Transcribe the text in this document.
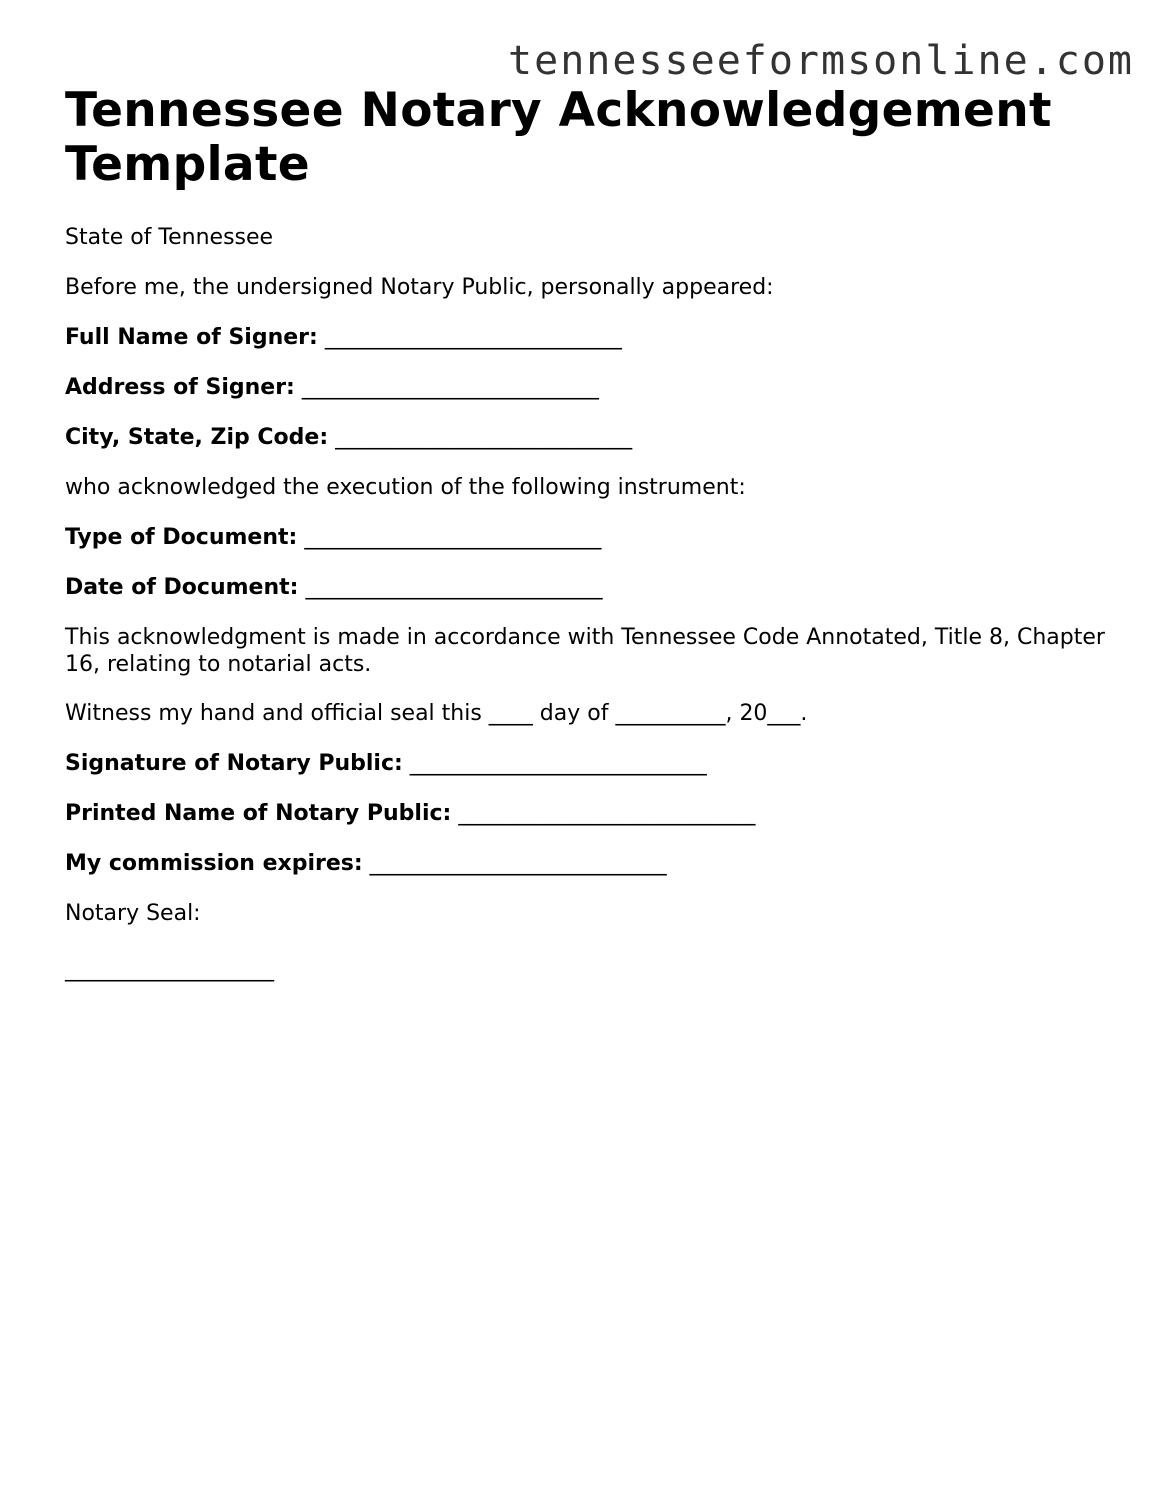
tennesseeformsonline.com
Tennessee Notary Acknowledgement Template

State of Tennessee

Before me, the undersigned Notary Public, personally appeared:

Full Name of Signer: ___________________________

Address of Signer: ___________________________

City, State, Zip Code: ___________________________

who acknowledged the execution of the following instrument:

Type of Document: ___________________________

Date of Document: ___________________________

This acknowledgment is made in accordance with Tennessee Code Annotated, Title 8, Chapter 16, relating to notarial acts.

Witness my hand and official seal this ____ day of __________, 20___.

Signature of Notary Public: ___________________________

Printed Name of Notary Public: ___________________________

My commission expires: ___________________________

Notary Seal:

___________________
